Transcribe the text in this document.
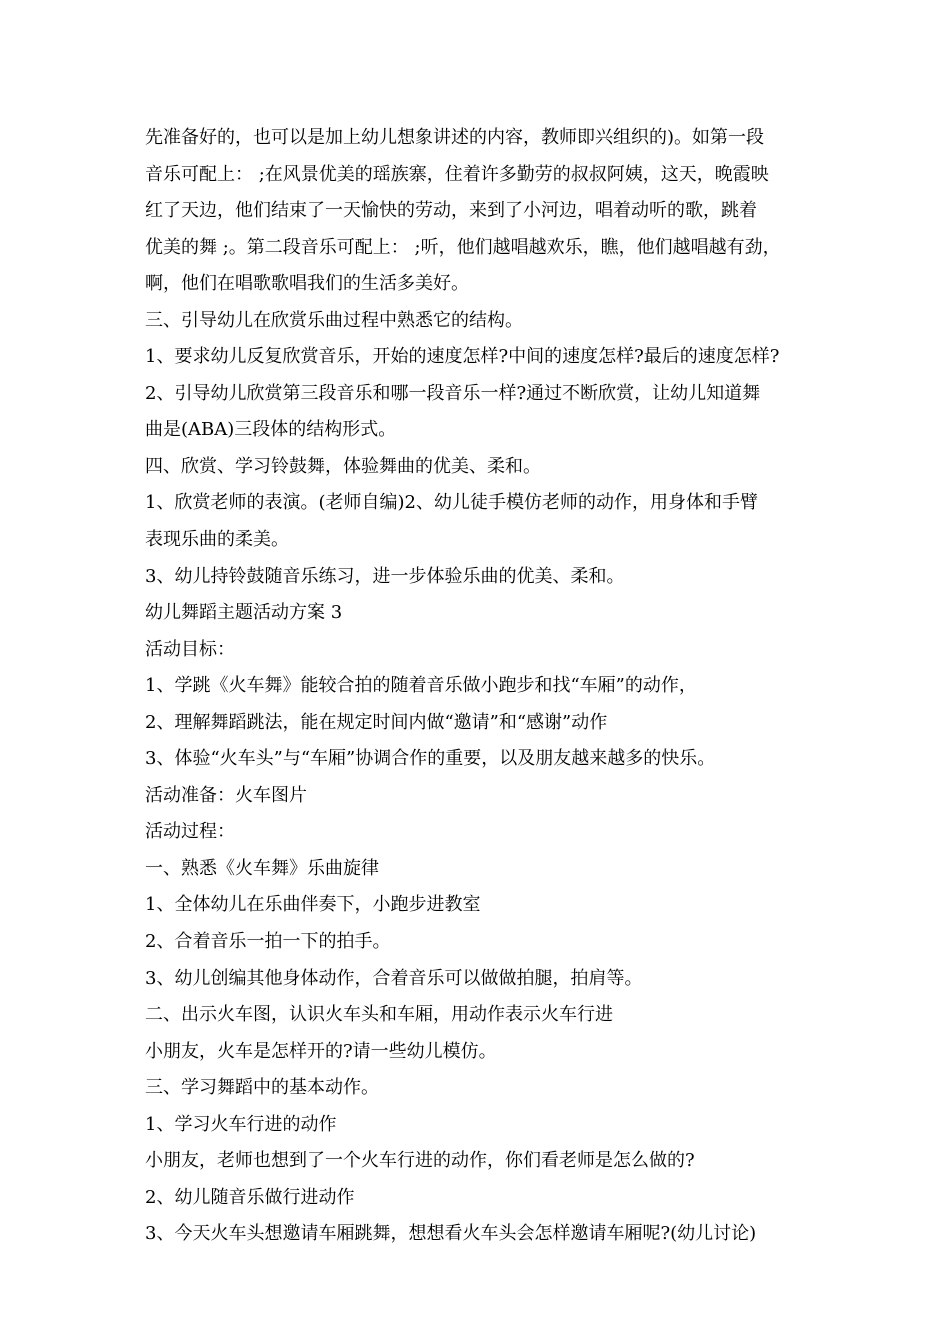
先准备好的，也可以是加上幼儿想象讲述的内容，教师即兴组织的)。如第一段
音乐可配上： ;在风景优美的瑶族寨，住着许多勤劳的叔叔阿姨，这天，晚霞映
红了天边，他们结束了一天愉快的劳动，来到了小河边，唱着动听的歌，跳着
优美的舞 ;。第二段音乐可配上： ;听，他们越唱越欢乐，瞧，他们越唱越有劲，
啊，他们在唱歌歌唱我们的生活多美好。
三、引导幼儿在欣赏乐曲过程中熟悉它的结构。
1、要求幼儿反复欣赏音乐，开始的速度怎样?中间的速度怎样?最后的速度怎样?
2、引导幼儿欣赏第三段音乐和哪一段音乐一样?通过不断欣赏，让幼儿知道舞
曲是(ABA)三段体的结构形式。
四、欣赏、学习铃鼓舞，体验舞曲的优美、柔和。
1、欣赏老师的表演。(老师自编)2、幼儿徒手模仿老师的动作，用身体和手臂
表现乐曲的柔美。
3、幼儿持铃鼓随音乐练习，进一步体验乐曲的优美、柔和。
幼儿舞蹈主题活动方案 3
活动目标：
1、学跳《火车舞》能较合拍的随着音乐做小跑步和找“车厢”的动作，
2、理解舞蹈跳法，能在规定时间内做“邀请”和“感谢”动作
3、体验“火车头”与“车厢”协调合作的重要，以及朋友越来越多的快乐。
活动准备：火车图片
活动过程：
一、熟悉《火车舞》乐曲旋律
1、全体幼儿在乐曲伴奏下，小跑步进教室
2、合着音乐一拍一下的拍手。
3、幼儿创编其他身体动作，合着音乐可以做做拍腿，拍肩等。
二、出示火车图，认识火车头和车厢，用动作表示火车行进
小朋友，火车是怎样开的?请一些幼儿模仿。
三、学习舞蹈中的基本动作。
1、学习火车行进的动作
小朋友，老师也想到了一个火车行进的动作，你们看老师是怎么做的?
2、幼儿随音乐做行进动作
3、今天火车头想邀请车厢跳舞，想想看火车头会怎样邀请车厢呢?(幼儿讨论)
